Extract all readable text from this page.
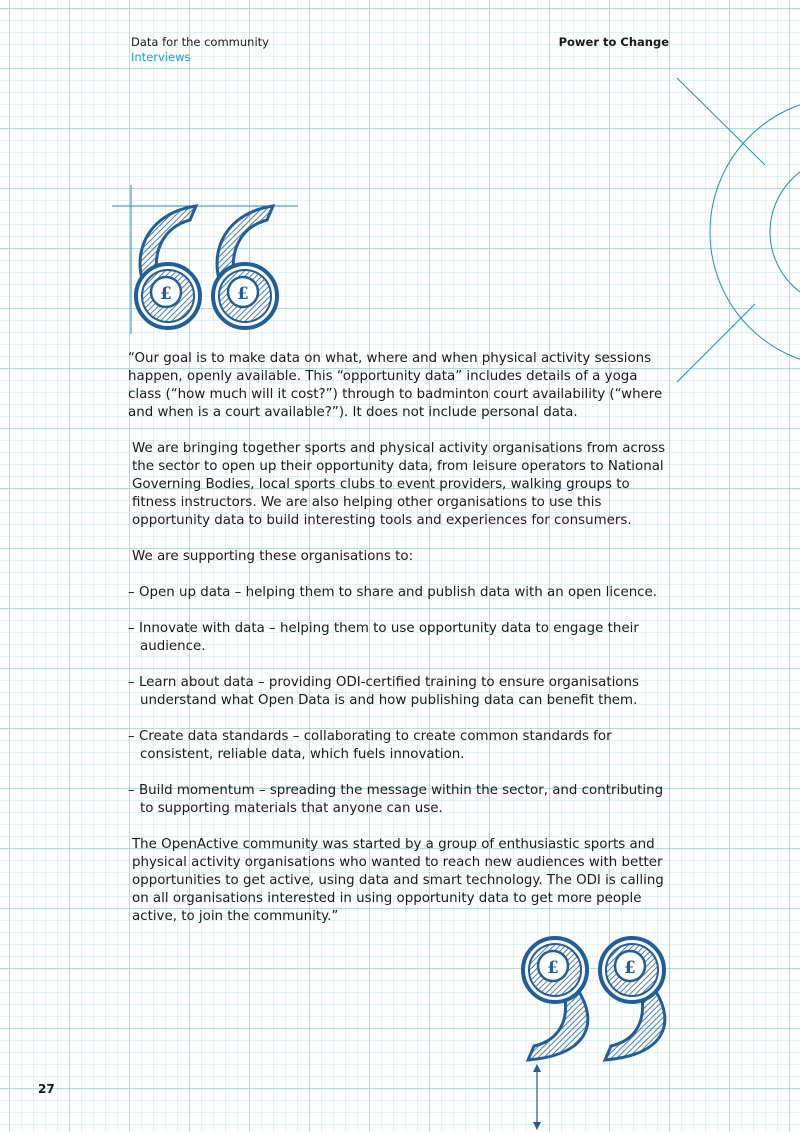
Data for the community
Interviews
Power to Change
£	£
£	£

“Our goal is to make data on what, where and when physical activity sessions happen, openly available. This “opportunity data” includes details of a yoga class (“how much will it cost?”) through to badminton court availability (“where and when is a court available?”). It does not include personal data.

We are bringing together sports and physical activity organisations from across the sector to open up their opportunity data, from leisure operators to National Governing Bodies, local sports clubs to event providers, walking groups to fitness instructors. We are also helping other organisations to use this opportunity data to build interesting tools and experiences for consumers.

We are supporting these organisations to:

– Open up data – helping them to share and publish data with an open licence.
– Innovate with data – helping them to use opportunity data to engage their audience.
– Learn about data – providing ODI-certified training to ensure organisations understand what Open Data is and how publishing data can benefit them.
– Create data standards – collaborating to create common standards for consistent, reliable data, which fuels innovation.
– Build momentum – spreading the message within the sector, and contributing to supporting materials that anyone can use.

The OpenActive community was started by a group of enthusiastic sports and physical activity organisations who wanted to reach new audiences with better opportunities to get active, using data and smart technology. The ODI is calling on all organisations interested in using opportunity data to get more people active, to join the community.”

27
